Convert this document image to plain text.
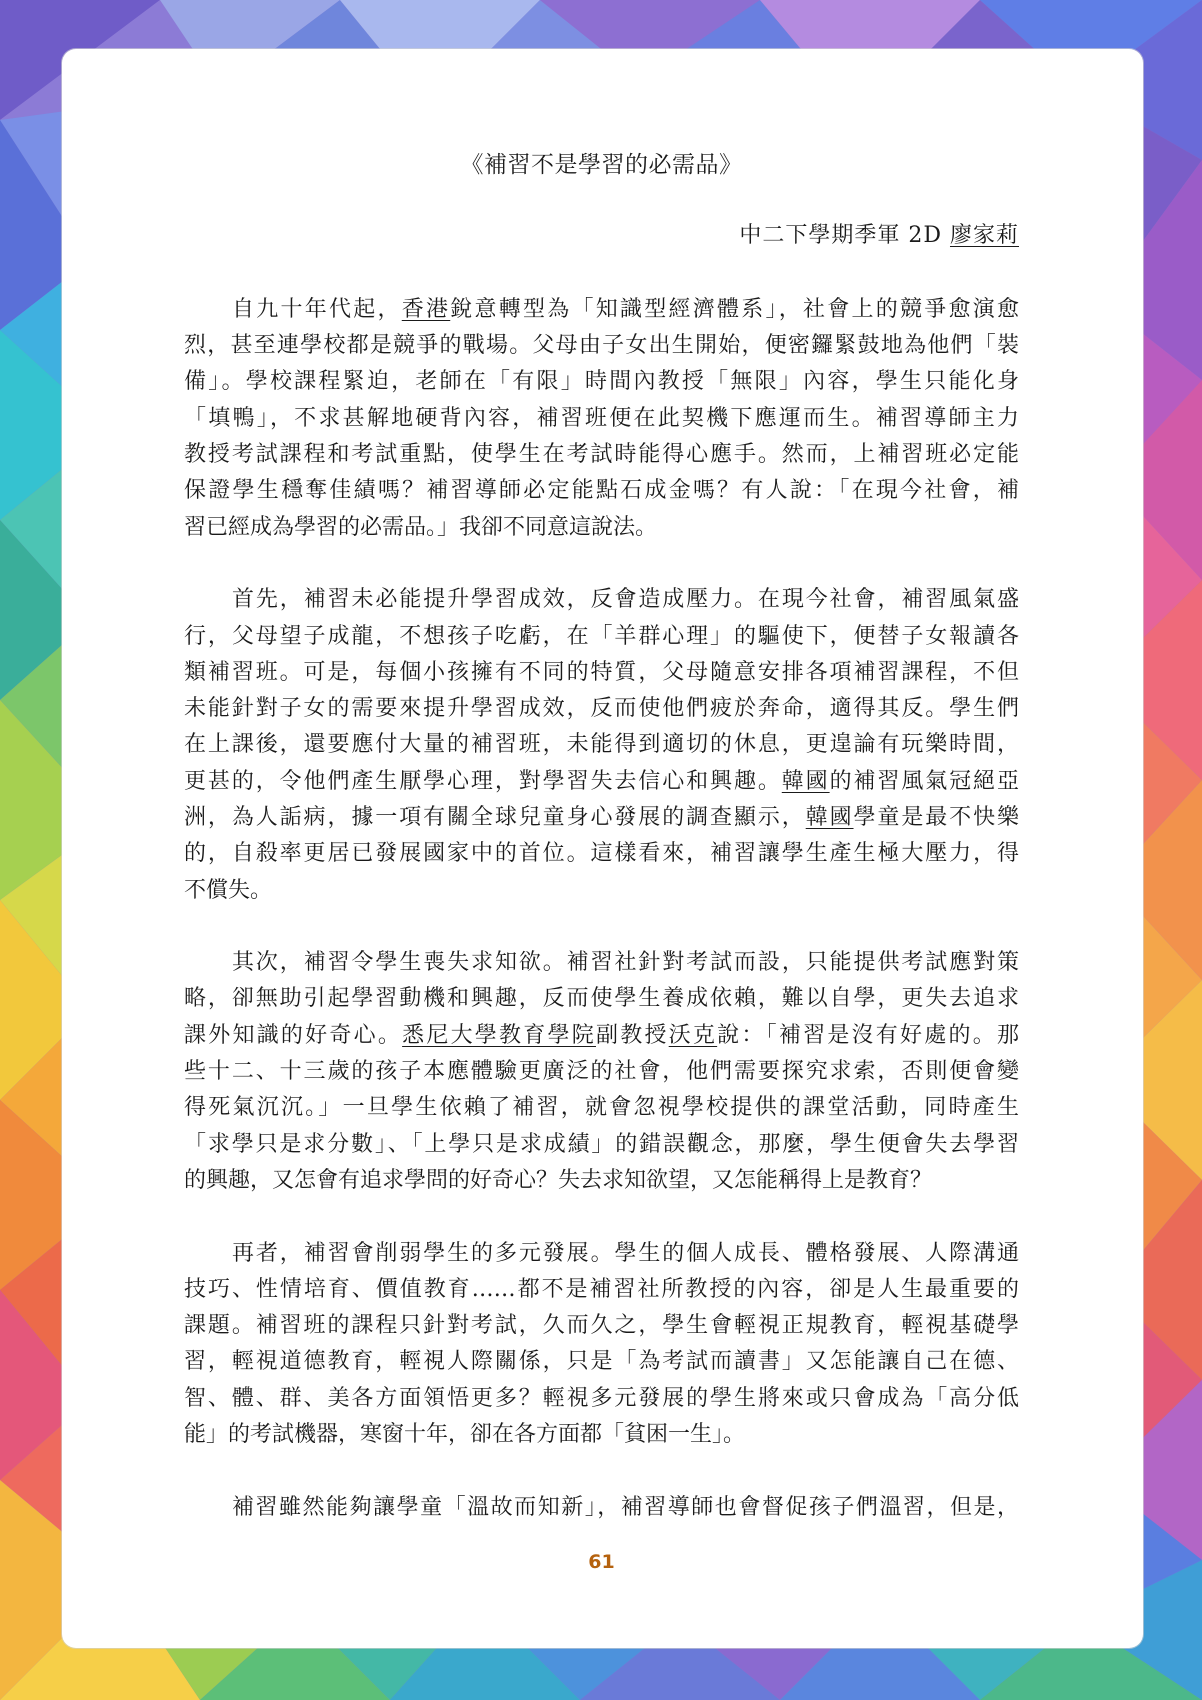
《補習不是學習的必需品》
中二下學期季軍 2D 廖家莉
自九十年代起，香港銳意轉型為「知識型經濟體系」，社會上的競爭愈演愈
烈，甚至連學校都是競爭的戰場。父母由子女出生開始，便密鑼緊鼓地為他們「裝
備」。學校課程緊迫，老師在「有限」時間內教授「無限」內容，學生只能化身
「填鴨」，不求甚解地硬背內容，補習班便在此契機下應運而生。補習導師主力
教授考試課程和考試重點，使學生在考試時能得心應手。然而，上補習班必定能
保證學生穩奪佳績嗎？補習導師必定能點石成金嗎？有人說：「在現今社會，補
習已經成為學習的必需品。」我卻不同意這說法。
首先，補習未必能提升學習成效，反會造成壓力。在現今社會，補習風氣盛
行，父母望子成龍，不想孩子吃虧，在「羊群心理」的驅使下，便替子女報讀各
類補習班。可是，每個小孩擁有不同的特質，父母隨意安排各項補習課程，不但
未能針對子女的需要來提升學習成效，反而使他們疲於奔命，適得其反。學生們
在上課後，還要應付大量的補習班，未能得到適切的休息，更遑論有玩樂時間，
更甚的，令他們產生厭學心理，對學習失去信心和興趣。韓國的補習風氣冠絕亞
洲，為人詬病，據一項有關全球兒童身心發展的調查顯示，韓國學童是最不快樂
的，自殺率更居已發展國家中的首位。這樣看來，補習讓學生產生極大壓力，得
不償失。
其次，補習令學生喪失求知欲。補習社針對考試而設，只能提供考試應對策
略，卻無助引起學習動機和興趣，反而使學生養成依賴，難以自學，更失去追求
課外知識的好奇心。悉尼大學教育學院副教授沃克說：「補習是沒有好處的。那
些十二、十三歲的孩子本應體驗更廣泛的社會，他們需要探究求索，否則便會變
得死氣沉沉。」一旦學生依賴了補習，就會忽視學校提供的課堂活動，同時產生
「求學只是求分數」、「上學只是求成績」的錯誤觀念，那麼，學生便會失去學習
的興趣，又怎會有追求學問的好奇心？失去求知欲望，又怎能稱得上是教育？
再者，補習會削弱學生的多元發展。學生的個人成長、體格發展、人際溝通
技巧、性情培育、價值教育……都不是補習社所教授的內容，卻是人生最重要的
課題。補習班的課程只針對考試，久而久之，學生會輕視正規教育，輕視基礎學
習，輕視道德教育，輕視人際關係，只是「為考試而讀書」又怎能讓自己在德、
智、體、群、美各方面領悟更多？輕視多元發展的學生將來或只會成為「高分低
能」的考試機器，寒窗十年，卻在各方面都「貧困一生」。
補習雖然能夠讓學童「溫故而知新」，補習導師也會督促孩子們溫習，但是，
61
